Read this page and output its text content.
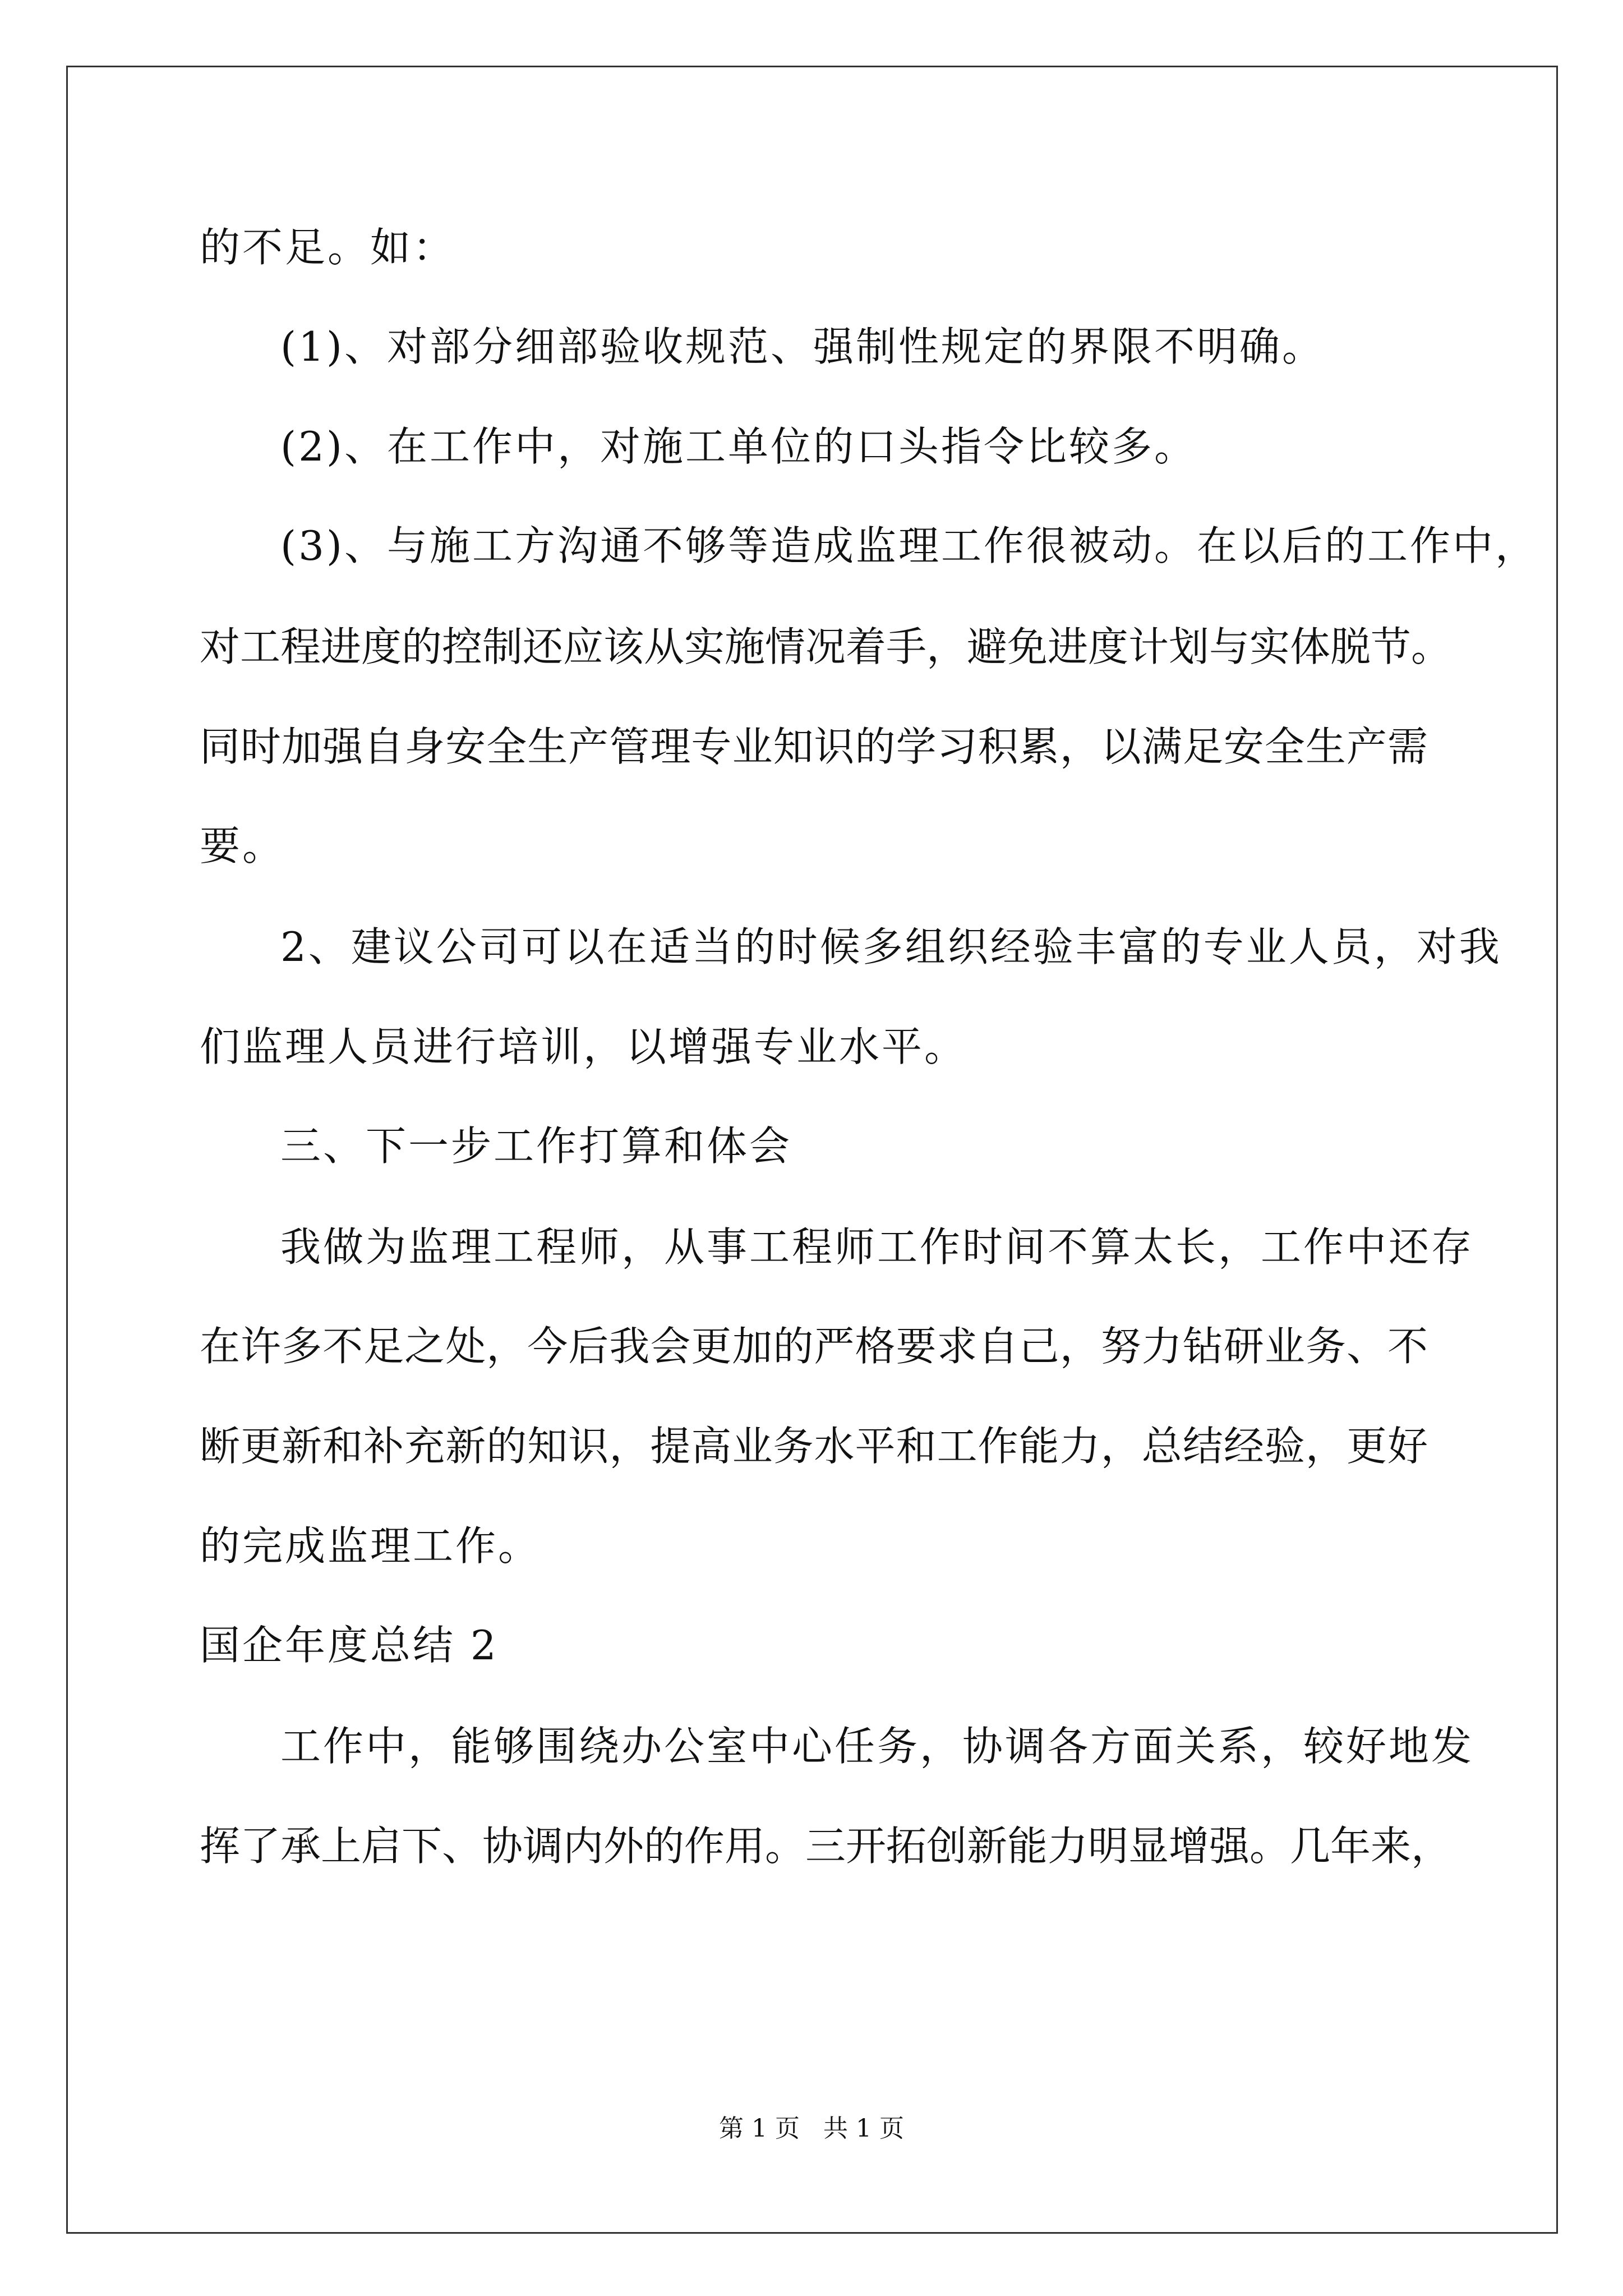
的不足。如：

(1)、对部分细部验收规范、强制性规定的界限不明确。

(2)、在工作中，对施工单位的口头指令比较多。

(3)、与施工方沟通不够等造成监理工作很被动。在以后的工作中，

对工程进度的控制还应该从实施情况着手，避免进度计划与实体脱节。

同时加强自身安全生产管理专业知识的学习积累，以满足安全生产需

要。

2、建议公司可以在适当的时候多组织经验丰富的专业人员，对我

们监理人员进行培训，以增强专业水平。

三、下一步工作打算和体会

我做为监理工程师，从事工程师工作时间不算太长，工作中还存

在许多不足之处，今后我会更加的严格要求自己，努力钻研业务、不

断更新和补充新的知识，提高业务水平和工作能力，总结经验，更好

的完成监理工作。

国企年度总结 2

工作中，能够围绕办公室中心任务，协调各方面关系，较好地发

挥了承上启下、协调内外的作用。三开拓创新能力明显增强。几年来，

第 1 页   共 1 页
